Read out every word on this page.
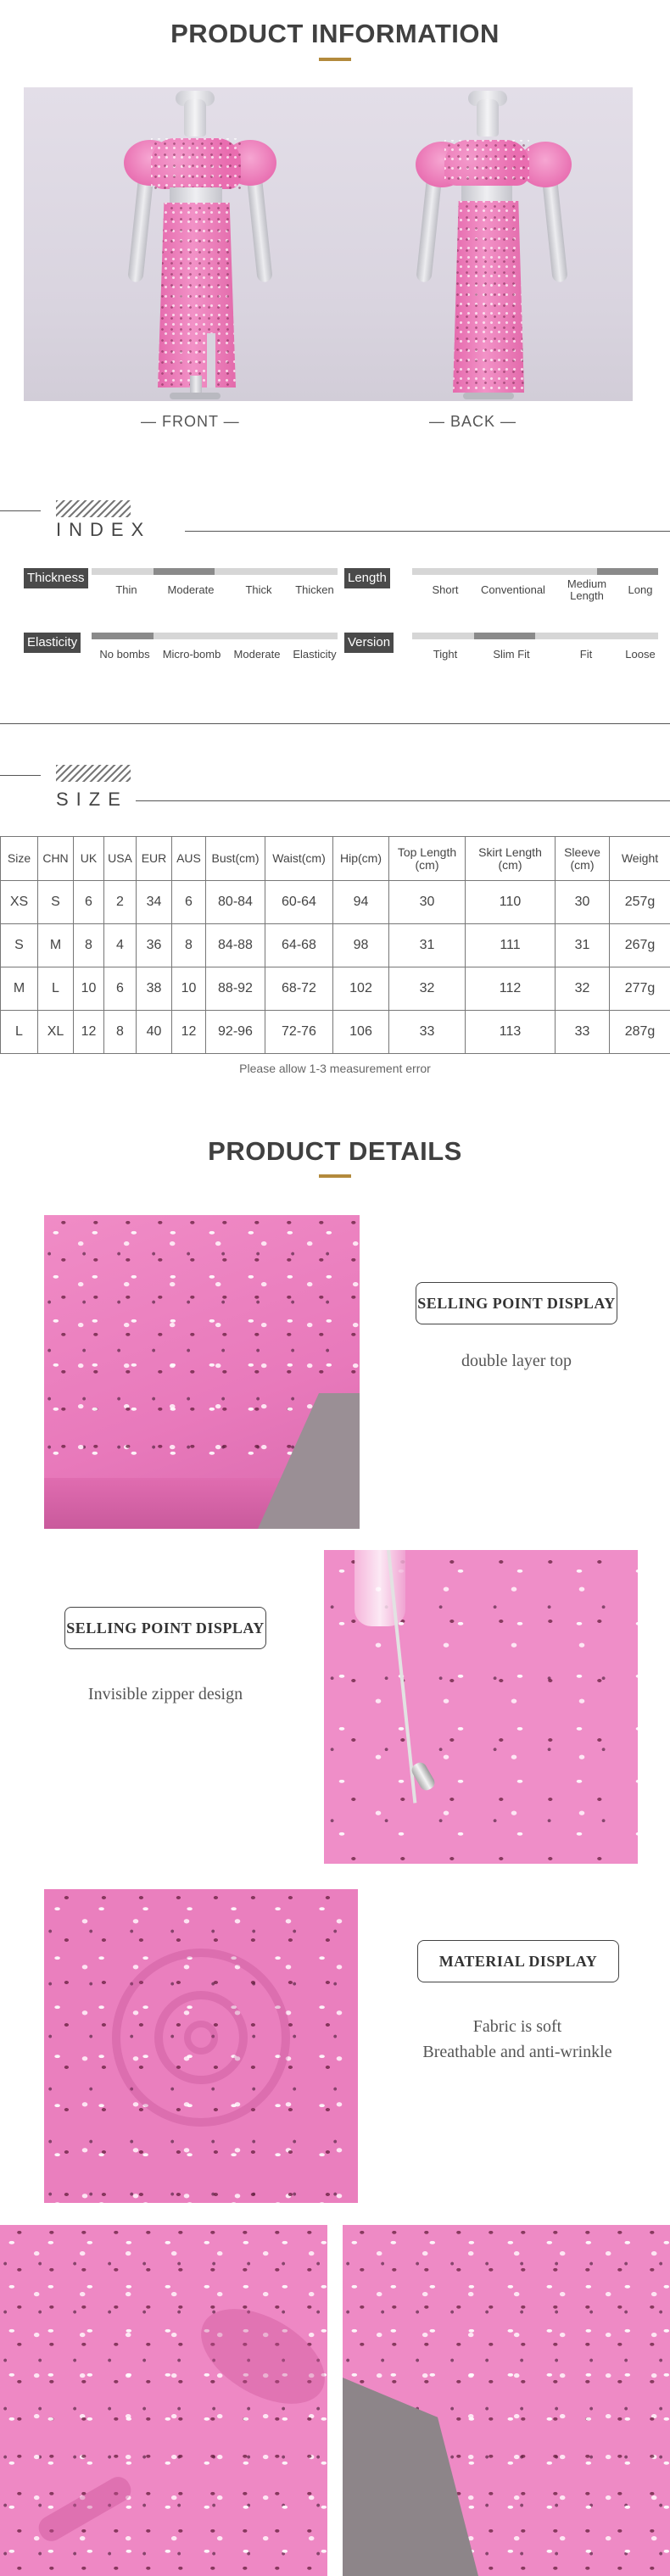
PRODUCT INFORMATION
— FRONT —	— BACK —
INDEX
Thickness
Thin	Moderate	Thick	Thicken
Length
Short	Conventional	Medium Length	Long
Elasticity
No bombs	Micro-bomb	Moderate	Elasticity
Version
Tight	Slim Fit	Fit	Loose
SIZE
Size	CHN	UK	USA	EUR	AUS	Bust(cm)	Waist(cm)	Hip(cm)	Top Length (cm)	Skirt Length (cm)	Sleeve (cm)	Weight
XS	S	6	2	34	6	80-84	60-64	94	30	110	30	257g
S	M	8	4	36	8	84-88	64-68	98	31	111	31	267g
M	L	10	6	38	10	88-92	68-72	102	32	112	32	277g
L	XL	12	8	40	12	92-96	72-76	106	33	113	33	287g
Please allow 1-3 measurement error
PRODUCT DETAILS
SELLING POINT DISPLAY
double layer top
SELLING POINT DISPLAY
Invisible zipper design
MATERIAL DISPLAY
Fabric is soft
Breathable and anti-wrinkle
